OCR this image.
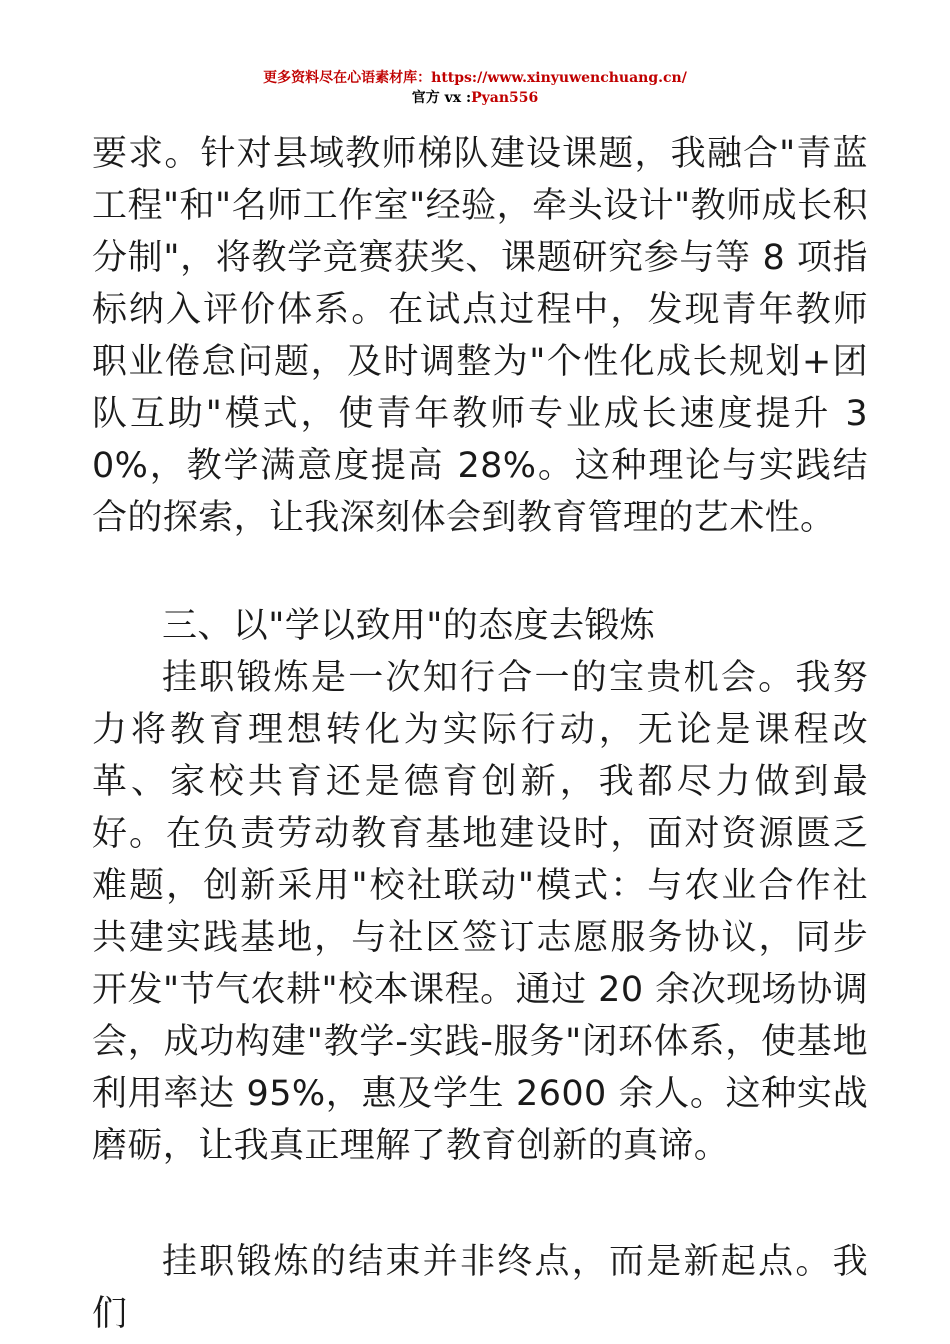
更多资料尽在心语素材库：https://www.xinyuwenchuang.cn/
官方 vx :Pyan556

要求。针对县域教师梯队建设课题，我融合"青蓝工程"和"名师工作室"经验，牵头设计"教师成长积分制"，将教学竞赛获奖、课题研究参与等 8 项指标纳入评价体系。在试点过程中，发现青年教师职业倦怠问题，及时调整为"个性化成长规划+团队互助"模式，使青年教师专业成长速度提升 30%，教学满意度提高 28%。这种理论与实践结合的探索，让我深刻体会到教育管理的艺术性。

三、以"学以致用"的态度去锻炼

挂职锻炼是一次知行合一的宝贵机会。我努力将教育理想转化为实际行动，无论是课程改革、家校共育还是德育创新，我都尽力做到最好。在负责劳动教育基地建设时，面对资源匮乏难题，创新采用"校社联动"模式：与农业合作社共建实践基地，与社区签订志愿服务协议，同步开发"节气农耕"校本课程。通过 20 余次现场协调会，成功构建"教学-实践-服务"闭环体系，使基地利用率达 95%，惠及学生 2600 余人。这种实战磨砺，让我真正理解了教育创新的真谛。

挂职锻炼的结束并非终点，而是新起点。我们
